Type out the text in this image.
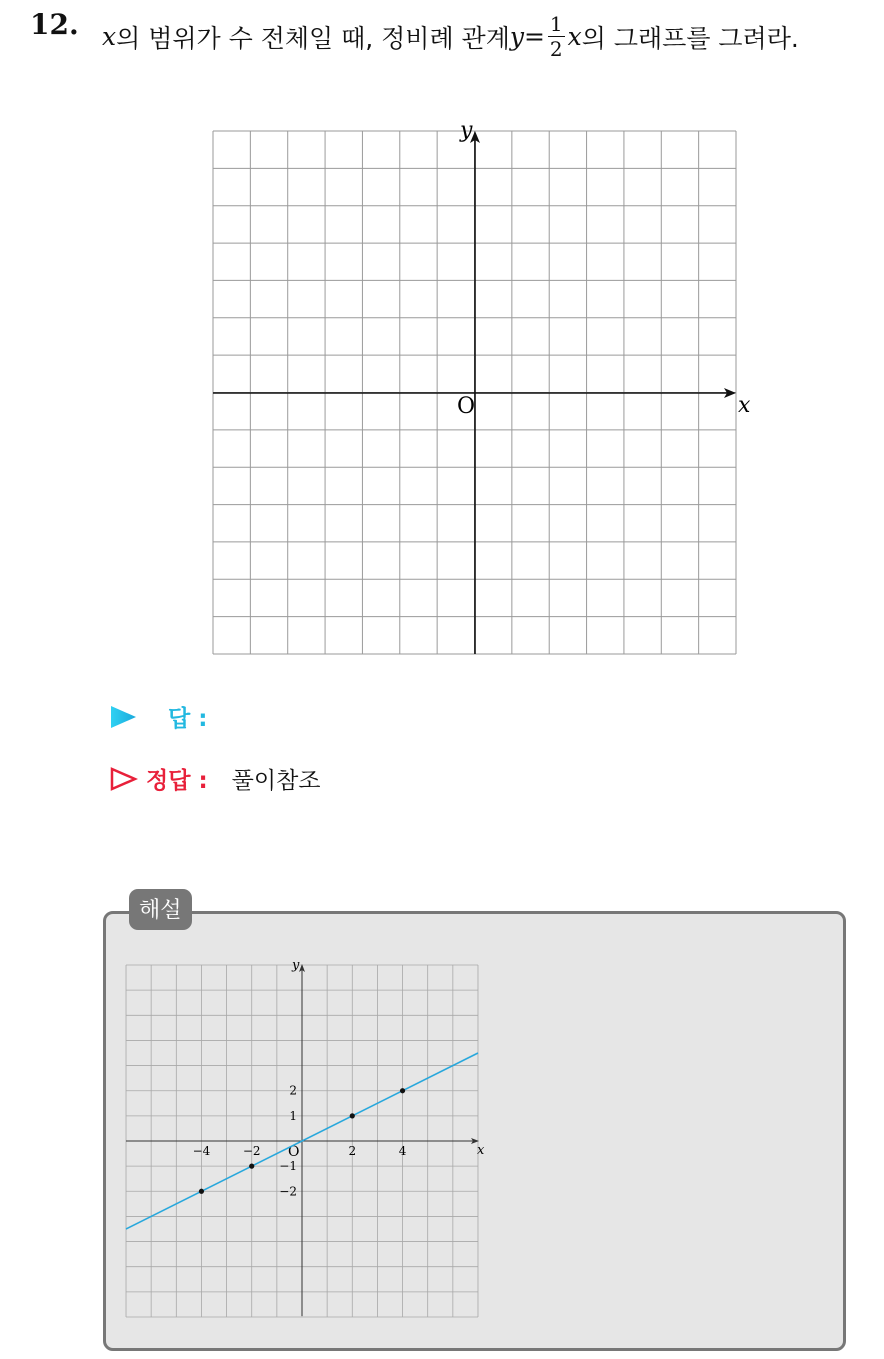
12. x 의 범위가 수 전체일 때, 정비례 관계 $y = \frac{1}{2}$ x 의 그래프를 그려라.
y
x
O
답 :
정답 : 풀이참조
해설
y
x
O
−4	−2	2	4
2
1
−1
−2
